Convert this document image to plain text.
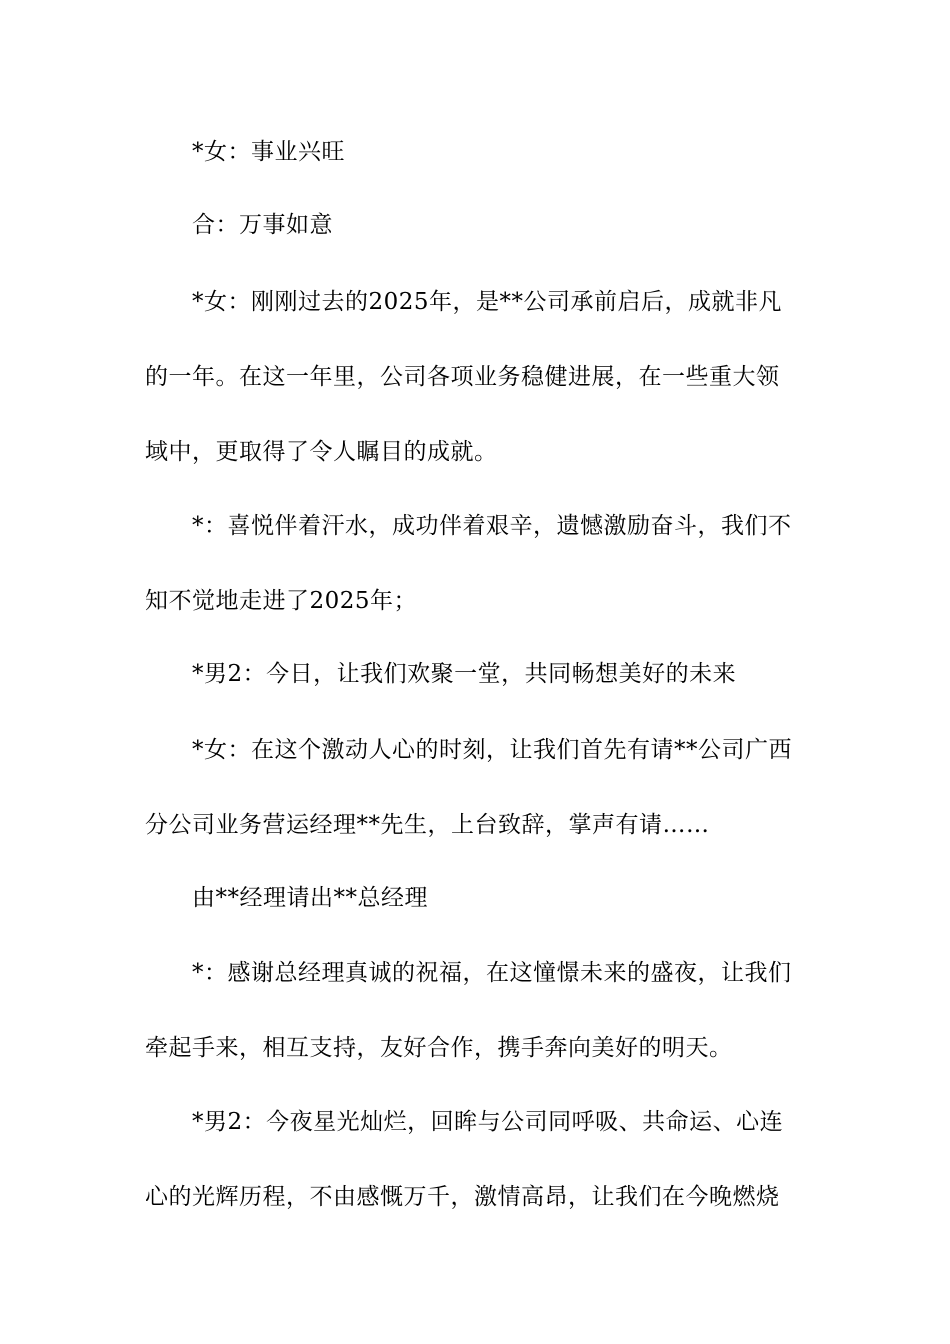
*女：事业兴旺
合：万事如意
*女：刚刚过去的2025年，是**公司承前启后，成就非凡
的一年。在这一年里，公司各项业务稳健进展，在一些重大领
域中，更取得了令人瞩目的成就。
*：喜悦伴着汗水，成功伴着艰辛，遗憾激励奋斗，我们不
知不觉地走进了2025年；
*男2：今日，让我们欢聚一堂，共同畅想美好的未来
*女：在这个激动人心的时刻，让我们首先有请**公司广西
分公司业务营运经理**先生，上台致辞，掌声有请……
由**经理请出**总经理
*：感谢总经理真诚的祝福，在这憧憬未来的盛夜，让我们
牵起手来，相互支持，友好合作，携手奔向美好的明天。
*男2：今夜星光灿烂，回眸与公司同呼吸、共命运、心连
心的光辉历程，不由感慨万千，激情高昂，让我们在今晚燃烧
